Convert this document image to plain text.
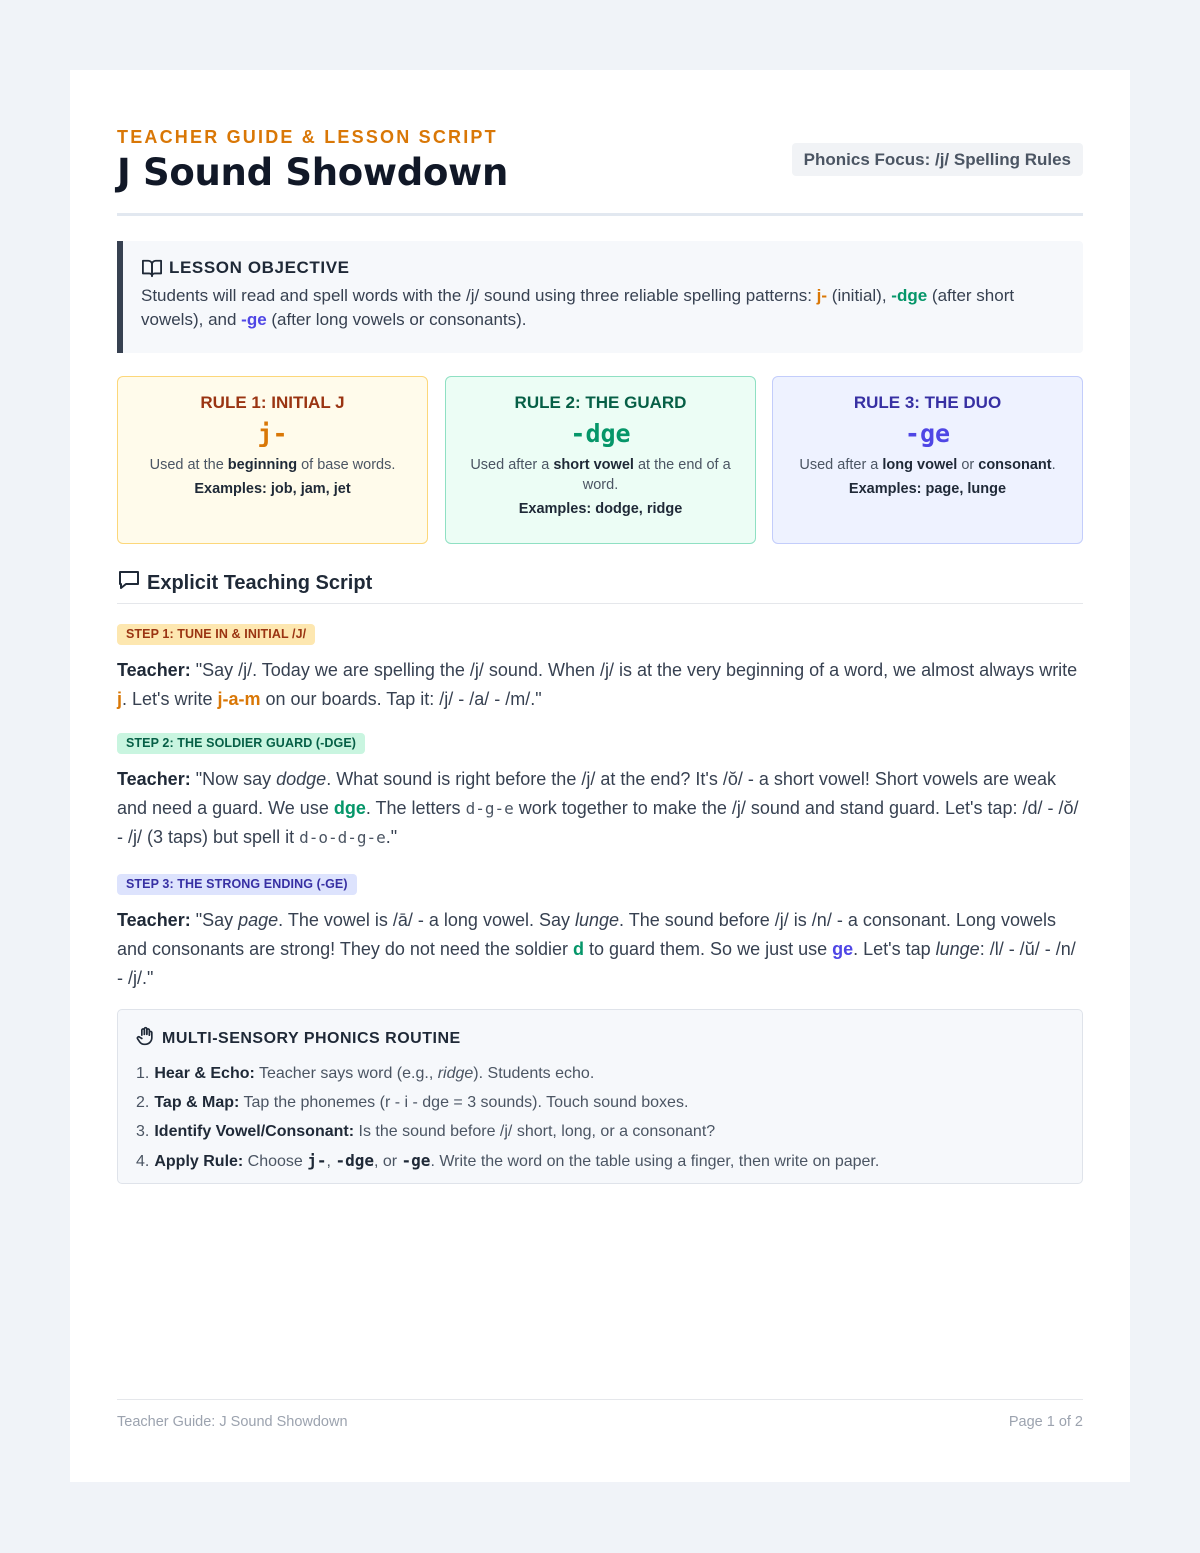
TEACHER GUIDE & LESSON SCRIPT
J Sound Showdown	Phonics Focus: /j/ Spelling Rules
LESSON OBJECTIVE
Students will read and spell words with the /j/ sound using three reliable spelling patterns: j- (initial), -dge (after short vowels), and -ge (after long vowels or consonants).
RULE 1: INITIAL J
j-
Used at the beginning of base words.
Examples: job, jam, jet
RULE 2: THE GUARD
-dge
Used after a short vowel at the end of a word.
Examples: dodge, ridge
RULE 3: THE DUO
-ge
Used after a long vowel or consonant.
Examples: page, lunge
Explicit Teaching Script
STEP 1: TUNE IN & INITIAL /J/
Teacher: "Say /j/. Today we are spelling the /j/ sound. When /j/ is at the very beginning of a word, we almost always write j. Let's write j-a-m on our boards. Tap it: /j/ - /a/ - /m/."
STEP 2: THE SOLDIER GUARD (-DGE)
Teacher: "Now say dodge. What sound is right before the /j/ at the end? It's /ŏ/ - a short vowel! Short vowels are weak and need a guard. We use dge. The letters d-g-e work together to make the /j/ sound and stand guard. Let's tap: /d/ - /ŏ/ - /j/ (3 taps) but spell it d-o-d-g-e."
STEP 3: THE STRONG ENDING (-GE)
Teacher: "Say page. The vowel is /ā/ - a long vowel. Say lunge. The sound before /j/ is /n/ - a consonant. Long vowels and consonants are strong! They do not need the soldier d to guard them. So we just use ge. Let's tap lunge: /l/ - /ŭ/ - /n/ - /j/."
MULTI-SENSORY PHONICS ROUTINE
1. Hear & Echo: Teacher says word (e.g., ridge). Students echo.
2. Tap & Map: Tap the phonemes (r - i - dge = 3 sounds). Touch sound boxes.
3. Identify Vowel/Consonant: Is the sound before /j/ short, long, or a consonant?
4. Apply Rule: Choose j-, -dge, or -ge. Write the word on the table using a finger, then write on paper.
Teacher Guide: J Sound Showdown	Page 1 of 2
